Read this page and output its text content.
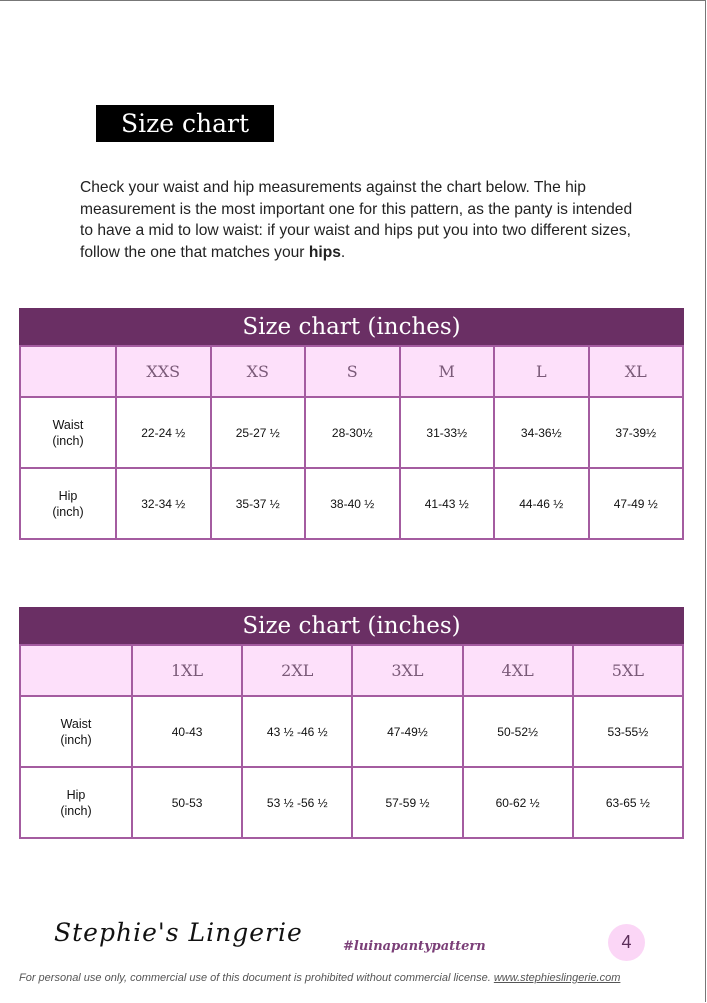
Size chart

Check your waist and hip measurements against the chart below. The hip measurement is the most important one for this pattern, as the panty is intended to have a mid to low waist: if your waist and hips put you into two different sizes, follow the one that matches your hips.

Size chart (inches)
	XXS	XS	S	M	L	XL
Waist
(inch)	22-24 ½	25-27 ½	28-30½	31-33½	34-36½	37-39½
Hip
(inch)	32-34 ½	35-37 ½	38-40 ½	41-43 ½	44-46 ½	47-49 ½
Size chart (inches)
	1XL	2XL	3XL	4XL	5XL
Waist
(inch)	40-43	43 ½ -46 ½	47-49½	50-52½	53-55½
Hip
(inch)	50-53	53 ½ -56 ½	57-59 ½	60-62 ½	63-65 ½
Stephie's Lingerie	#luinapantypattern	4
For personal use only, commercial use of this document is prohibited without commercial license. www.stephieslingerie.com
